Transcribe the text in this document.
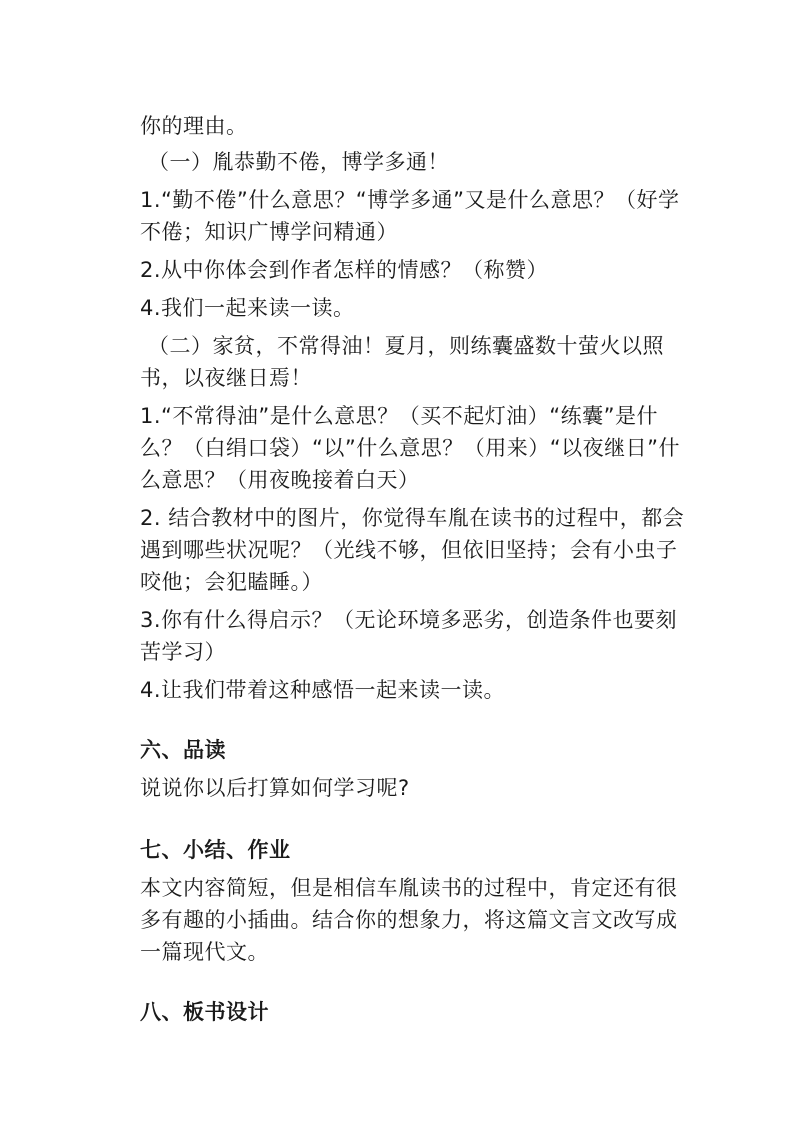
你的理由。
（一）胤恭勤不倦，博学多通！
1.“勤不倦”什么意思？“博学多通”又是什么意思？（好学
不倦；知识广博学问精通）
2.从中你体会到作者怎样的情感？（称赞）
4.我们一起来读一读。
（二）家贫，不常得油！夏月，则练囊盛数十萤火以照
书，以夜继日焉！
1.“不常得油”是什么意思？（买不起灯油）“练囊”是什
么？（白绢口袋）“以”什么意思？（用来）“以夜继日”什
么意思？（用夜晚接着白天）
2. 结合教材中的图片，你觉得车胤在读书的过程中，都会
遇到哪些状况呢？（光线不够，但依旧坚持；会有小虫子
咬他；会犯瞌睡。）
3.你有什么得启示？（无论环境多恶劣，创造条件也要刻
苦学习）
4.让我们带着这种感悟一起来读一读。
六、品读
说说你以后打算如何学习呢?
七、小结、作业
本文内容简短，但是相信车胤读书的过程中，肯定还有很
多有趣的小插曲。结合你的想象力，将这篇文言文改写成
一篇现代文。
八、板书设计
